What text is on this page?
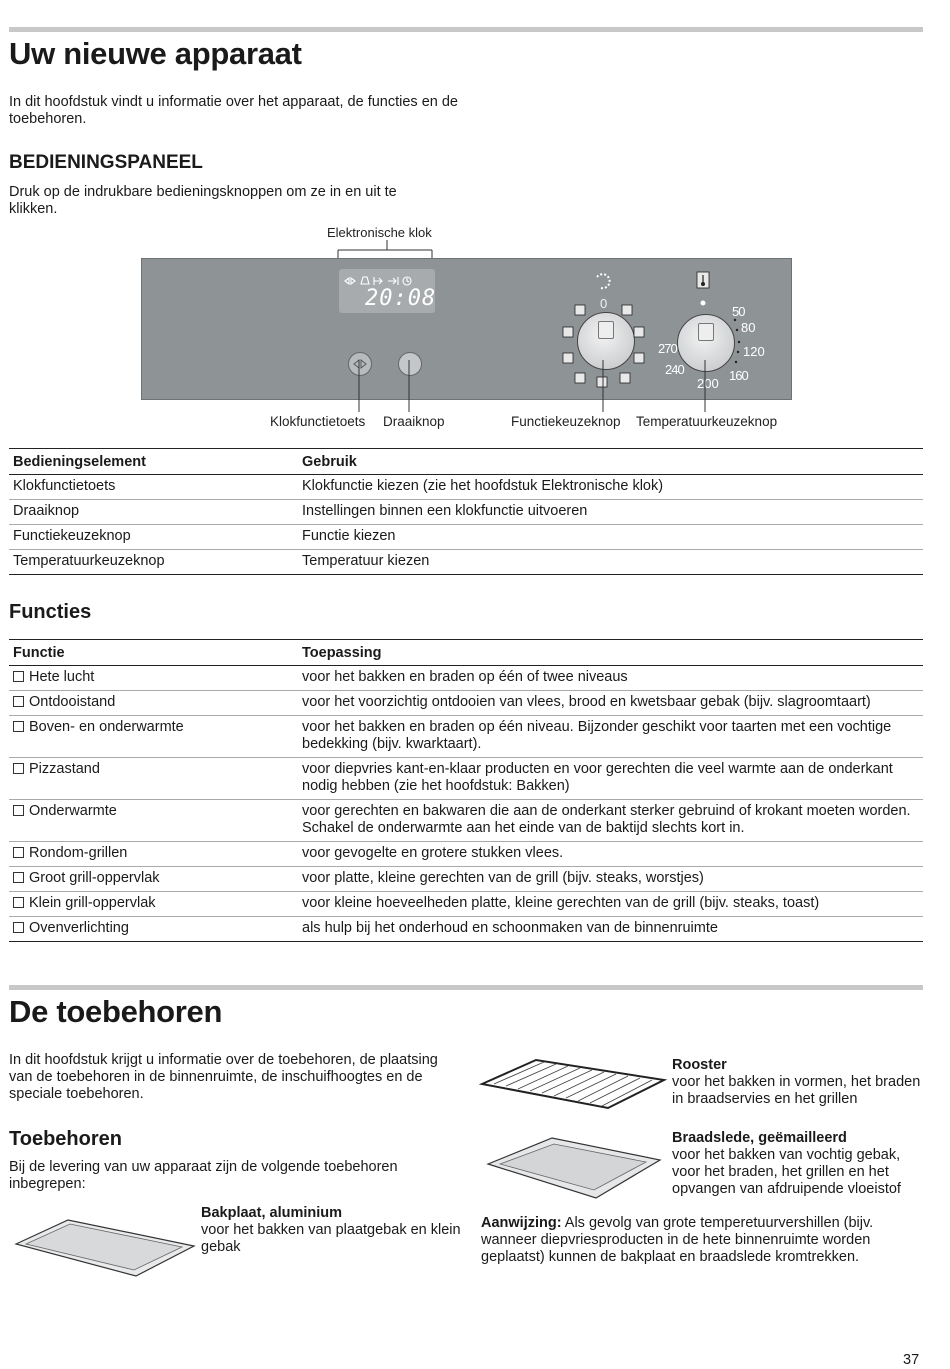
Uw nieuwe apparaat

In dit hoofdstuk vindt u informatie over het apparaat, de functies en de toebehoren.

BEDIENINGSPANEEL

Druk op de indrukbare bedieningsknoppen om ze in en uit te klikken.

Elektronische klok
20:08	0
50
80
120
160
200
240
270
Klokfunctietoets Draaiknop	Functiekeuzeknop Temperatuurkeuzeknop
Bedieningselement	Gebruik
Klokfunctietoets	Klokfunctie kiezen (zie het hoofdstuk Elektronische klok)
Draaiknop	Instellingen binnen een klokfunctie uitvoeren
Functiekeuzeknop	Functie kiezen
Temperatuurkeuzeknop	Temperatuur kiezen
Functies
Functie	Toepassing
Hete lucht	voor het bakken en braden op één of twee niveaus
Ontdooistand	voor het voorzichtig ontdooien van vlees, brood en kwetsbaar gebak (bijv. slagroomtaart)
Boven- en onderwarmte	voor het bakken en braden op één niveau. Bijzonder geschikt voor taarten met een vochtige bedekking (bijv. kwarktaart).
Pizzastand	voor diepvries kant-en-klaar producten en voor gerechten die veel warmte aan de onderkant nodig hebben (zie het hoofdstuk: Bakken)
Onderwarmte	voor gerechten en bakwaren die aan de onderkant sterker gebruind of krokant moeten worden. Schakel de onderwarmte aan het einde van de baktijd slechts kort in.
Rondom-grillen	voor gevogelte en grotere stukken vlees.
Groot grill-oppervlak	voor platte, kleine gerechten van de grill (bijv. steaks, worstjes)
Klein grill-oppervlak	voor kleine hoeveelheden platte, kleine gerechten van de grill (bijv. steaks, toast)
Ovenverlichting	als hulp bij het onderhoud en schoonmaken van de binnenruimte
De toebehoren

In dit hoofdstuk krijgt u informatie over de toebehoren, de plaatsing van de toebehoren in de binnenruimte, de inschuifhoogtes en de speciale toebehoren.

Toebehoren

Bij de levering van uw apparaat zijn de volgende toebehoren inbegrepen:

Bakplaat, aluminium
voor het bakken van plaatgebak en klein gebak
Rooster
voor het bakken in vormen, het braden in braadservies en het grillen
Braadslede, geëmailleerd
voor het bakken van vochtig gebak, voor het braden, het grillen en het opvangen van afdruipende vloeistof
Aanwijzing: Als gevolg van grote temperetuurvershillen (bijv. wanneer diepvriesproducten in de hete binnenruimte worden geplaatst) kunnen de bakplaat en braadslede kromtrekken.
37
